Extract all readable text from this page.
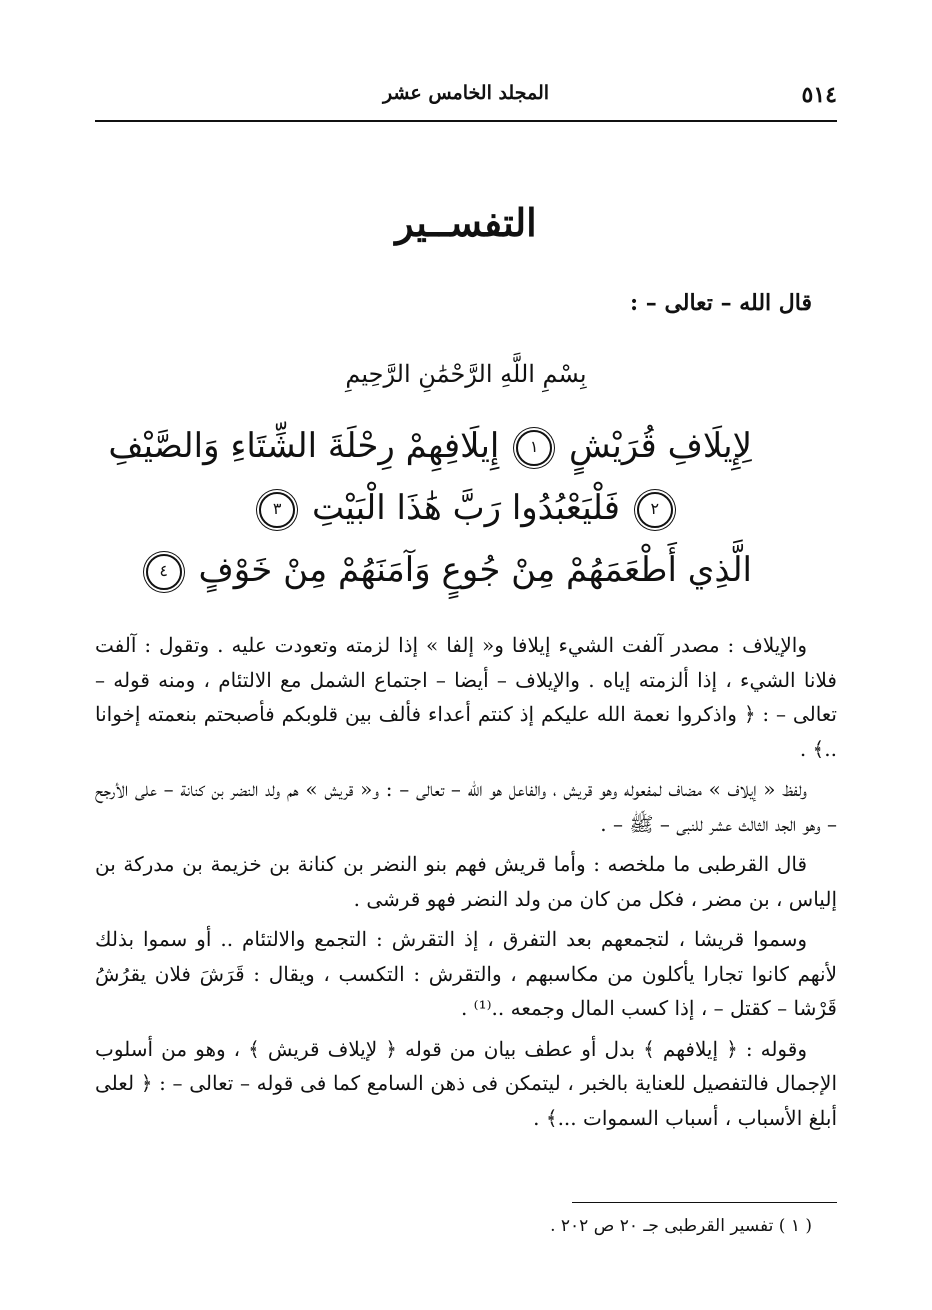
٥١٤
المجلد الخامس عشر
التفســير
قال الله – تعالى – :
بِسْمِ اللَّهِ الرَّحْمَٰنِ الرَّحِيمِ
لِإِيلَافِ قُرَيْشٍ ١ إِيلَافِهِمْ رِحْلَةَ الشِّتَاءِ وَالصَّيْفِ
٢ فَلْيَعْبُدُوا رَبَّ هَٰذَا الْبَيْتِ ٣
الَّذِي أَطْعَمَهُمْ مِنْ جُوعٍ وَآمَنَهُمْ مِنْ خَوْفٍ ٤

والإيلاف : مصدر آلفت الشيء إيلافا و« إلفا » إذا لزمته وتعودت عليه . وتقول : آلفت فلانا الشيء ، إذا ألزمته إياه . والإيلاف – أيضا – اجتماع الشمل مع الالتئام ، ومنه قوله – تعالى – : ﴿ واذكروا نعمة الله عليكم إذ كنتم أعداء فألف بين قلوبكم فأصبحتم بنعمته إخوانا ..﴾ .

ولفظ « إيلاف » مضاف لمفعوله وهو قريش ، والفاعل هو الله – تعالى – : و« قريش » هم ولد النضر بن كنانة – على الأرجح – وهو الجد الثالث عشر للنبى – ﷺ – .

قال القرطبى ما ملخصه : وأما قريش فهم بنو النضر بن كنانة بن خزيمة بن مدركة بن إلياس ، بن مضر ، فكل من كان من ولد النضر فهو قرشى .

وسموا قريشا ، لتجمعهم بعد التفرق ، إذ التقرش : التجمع والالتئام .. أو سموا بذلك لأنهم كانوا تجارا يأكلون من مكاسبهم ، والتقرش : التكسب ، ويقال : قَرَشَ فلان يقرُشُ قَرْشا – كقتل – ، إذا كسب المال وجمعه ..⁽¹⁾ .

وقوله : ﴿ إيلافهم ﴾ بدل أو عطف بيان من قوله ﴿ لإيلاف قريش ﴾ ، وهو من أسلوب الإجمال فالتفصيل للعناية بالخبر ، ليتمكن فى ذهن السامع كما فى قوله – تعالى – : ﴿ لعلى أبلغ الأسباب ، أسباب السموات ...﴾ .

( ١ ) تفسير القرطبى جـ ٢٠ ص ٢٠٢ .
